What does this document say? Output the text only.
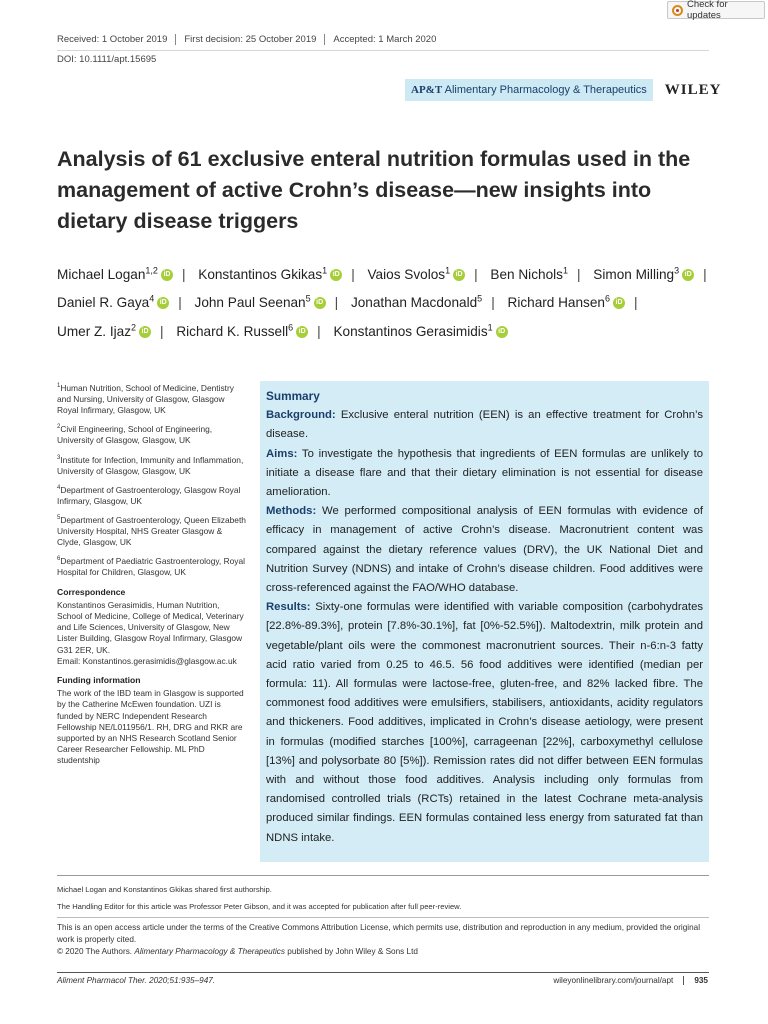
Check for updates
Received: 1 October 2019	First decision: 25 October 2019	Accepted: 1 March 2020
DOI: 10.1111/apt.15695
AP&T Alimentary Pharmacology & Therapeutics	WILEY
Analysis of 61 exclusive enteral nutrition formulas used in the management of active Crohn’s disease—new insights into dietary disease triggers
Michael Logan$^{1,2}$ iD | Konstantinos Gkikas$^1$ iD | Vaios Svolos$^1$ iD | Ben Nichols$^1$ | Simon Milling$^3$ iD | Daniel R. Gaya$^4$ iD | John Paul Seenan$^5$ iD | Jonathan Macdonald$^5$ | Richard Hansen$^6$ iD | Umer Z. Ijaz$^2$ iD | Richard K. Russell$^6$ iD | Konstantinos Gerasimidis$^1$ iD

$^1$Human Nutrition, School of Medicine, Dentistry and Nursing, University of Glasgow, Glasgow Royal Infirmary, Glasgow, UK

$^2$Civil Engineering, School of Engineering, University of Glasgow, Glasgow, UK

$^3$Institute for Infection, Immunity and Inflammation, University of Glasgow, Glasgow, UK

$^4$Department of Gastroenterology, Glasgow Royal Infirmary, Glasgow, UK

$^5$Department of Gastroenterology, Queen Elizabeth University Hospital, NHS Greater Glasgow & Clyde, Glasgow, UK

$^6$Department of Paediatric Gastroenterology, Royal Hospital for Children, Glasgow, UK

Correspondence
Konstantinos Gerasimidis, Human Nutrition, School of Medicine, College of Medical, Veterinary and Life Sciences, University of Glasgow, New Lister Building, Glasgow Royal Infirmary, Glasgow G31 2ER, UK.
Email: Konstantinos.gerasimidis@glasgow.ac.uk
Funding information
The work of the IBD team in Glasgow is supported by the Catherine McEwen foundation. UZI is funded by NERC Independent Research Fellowship NE/L011956/1. RH, DRG and RKR are supported by an NHS Research Scotland Senior Career Researcher Fellowship. ML PhD studentship
Summary

Background: Exclusive enteral nutrition (EEN) is an effective treatment for Crohn’s disease.

Aims: To investigate the hypothesis that ingredients of EEN formulas are unlikely to initiate a disease flare and that their dietary elimination is not essential for disease amelioration.

Methods: We performed compositional analysis of EEN formulas with evidence of efficacy in management of active Crohn’s disease. Macronutrient content was compared against the dietary reference values (DRV), the UK National Diet and Nutrition Survey (NDNS) and intake of Crohn’s disease children. Food additives were cross-referenced against the FAO/WHO database.

Results: Sixty-one formulas were identified with variable composition (carbohydrates [22.8%-89.3%], protein [7.8%-30.1%], fat [0%-52.5%]). Maltodextrin, milk protein and vegetable/plant oils were the commonest macronutrient sources. Their n-6:n-3 fatty acid ratio varied from 0.25 to 46.5. 56 food additives were identified (median per formula: 11). All formulas were lactose-free, gluten-free, and 82% lacked fibre. The commonest food additives were emulsifiers, stabilisers, antioxidants, acidity regulators and thickeners. Food additives, implicated in Crohn’s disease aetiology, were present in formulas (modified starches [100%], carrageenan [22%], carboxymethyl cellulose [13%] and polysorbate 80 [5%]). Remission rates did not differ between EEN formulas with and without those food additives. Analysis including only formulas from randomised controlled trials (RCTs) retained in the latest Cochrane meta-analysis produced similar findings. EEN formulas contained less energy from saturated fat than NDNS intake.

Michael Logan and Konstantinos Gkikas shared first authorship.
The Handling Editor for this article was Professor Peter Gibson, and it was accepted for publication after full peer-review.
This is an open access article under the terms of the Creative Commons Attribution License, which permits use, distribution and reproduction in any medium, provided the original work is properly cited.
© 2020 The Authors. Alimentary Pharmacology & Therapeutics published by John Wiley & Sons Ltd
Aliment Pharmacol Ther. 2020;51:935–947.	wileyonlinelibrary.com/journal/apt	935
